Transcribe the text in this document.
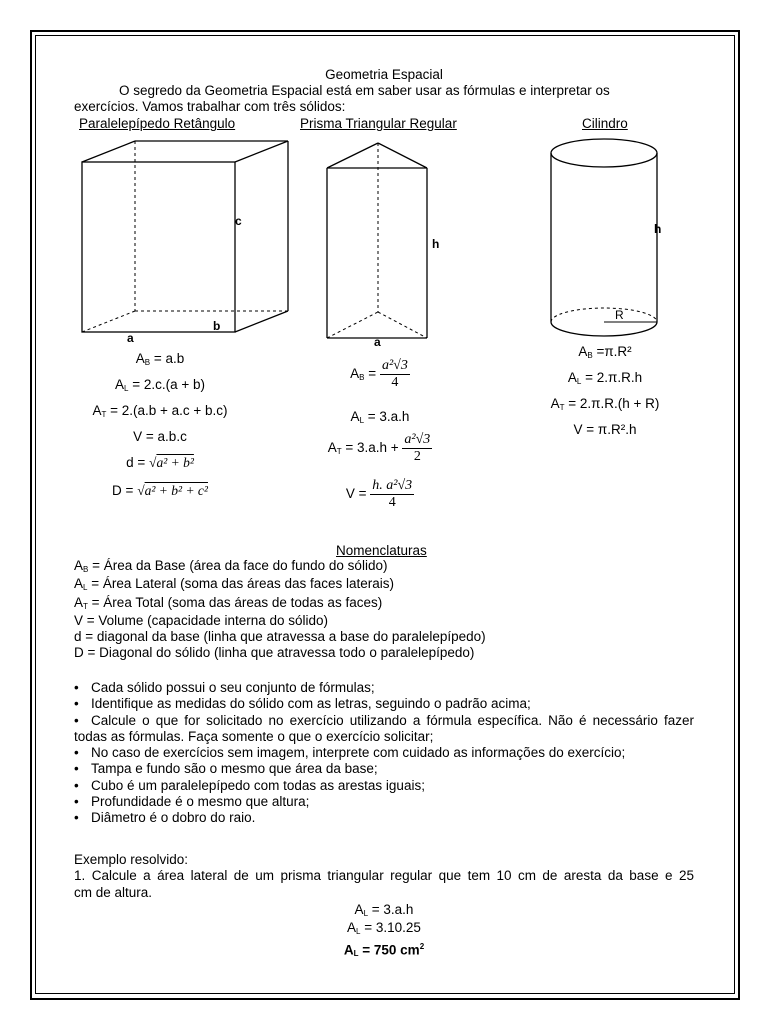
Geometria Espacial

O segredo da Geometria Espacial está em saber usar as fórmulas e interpretar os

exercícios. Vamos trabalhar com três sólidos:

Paralelepípedo Retângulo	Prisma Triangular Regular	Cilindro
c
a
b
h
a
h
R
$A_B = a.b$
$A_L = 2.c.(a + b)$
$A_T = 2.(a.b + a.c + b.c)$
V = a.b.c
d = √a² + b²
D = √a² + b² + c²
$A_B = \frac{\text{a²√3}}{4}$
$A_L = 3.a.h$
$A_T = 3.a.h + \frac{\text{a²√3}}{2}$
$V = \frac{\text{h. a²√3}}{4}$
$A_B =\pi.R^2$
$A_L = 2.\pi.R.h$
$A_T = 2.\pi.R.(h + R)$
V = π.R².h
Nomenclaturas

$A_B$ = Área da Base (área da face do fundo do sólido)

$A_L$ = Área Lateral (soma das áreas das faces laterais)

$A_T$ = Área Total (soma das áreas de todas as faces)

V = Volume (capacidade interna do sólido)

d = diagonal da base (linha que atravessa a base do paralelepípedo)

D = Diagonal do sólido (linha que atravessa todo o paralelepípedo)

• Cada sólido possui o seu conjunto de fórmulas;
• Identifique as medidas do sólido com as letras, seguindo o padrão acima;
• Calcule o que for solicitado no exercício utilizando a fórmula específica. Não é necessário fazer
todas as fórmulas. Faça somente o que o exercício solicitar;
• No caso de exercícios sem imagem, interprete com cuidado as informações do exercício;
• Tampa e fundo são o mesmo que área da base;
• Cubo é um paralelepípedo com todas as arestas iguais;
• Profundidade é o mesmo que altura;
• Diâmetro é o dobro do raio.

Exemplo resolvido:

1. Calcule a área lateral de um prisma triangular regular que tem 10 cm de aresta da base e 25

cm de altura.

$A_L = 3.a.h$
$A_L = 3.10.25$
$A_L = 750$ $cm^2$
